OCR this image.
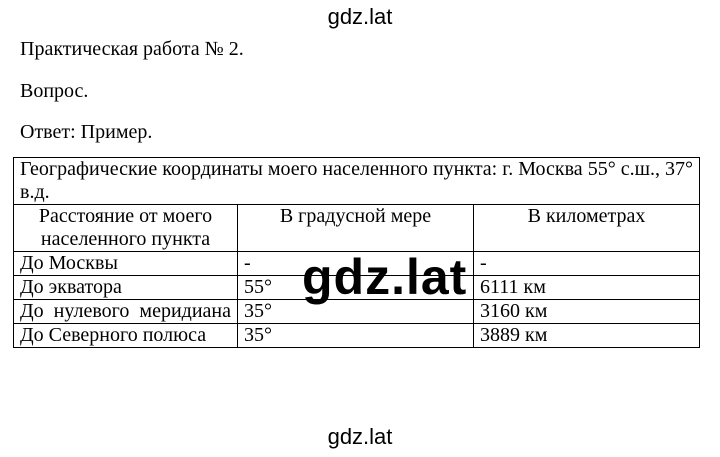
gdz.lat
Практическая работа № 2.
Вопрос.
Ответ: Пример.
Географические координаты моего населенного пункта: г. Москва 55° с.ш., 37° в.д.		
Расстояние от моего населенного пункта	В градусной мере	В километрах
До Москвы	-	-
До экватора	55°	6111 км
До нулевого меридиана	35°	3160 км
До Северного полюса	35°	3889 км
gdz.lat
gdz.lat
